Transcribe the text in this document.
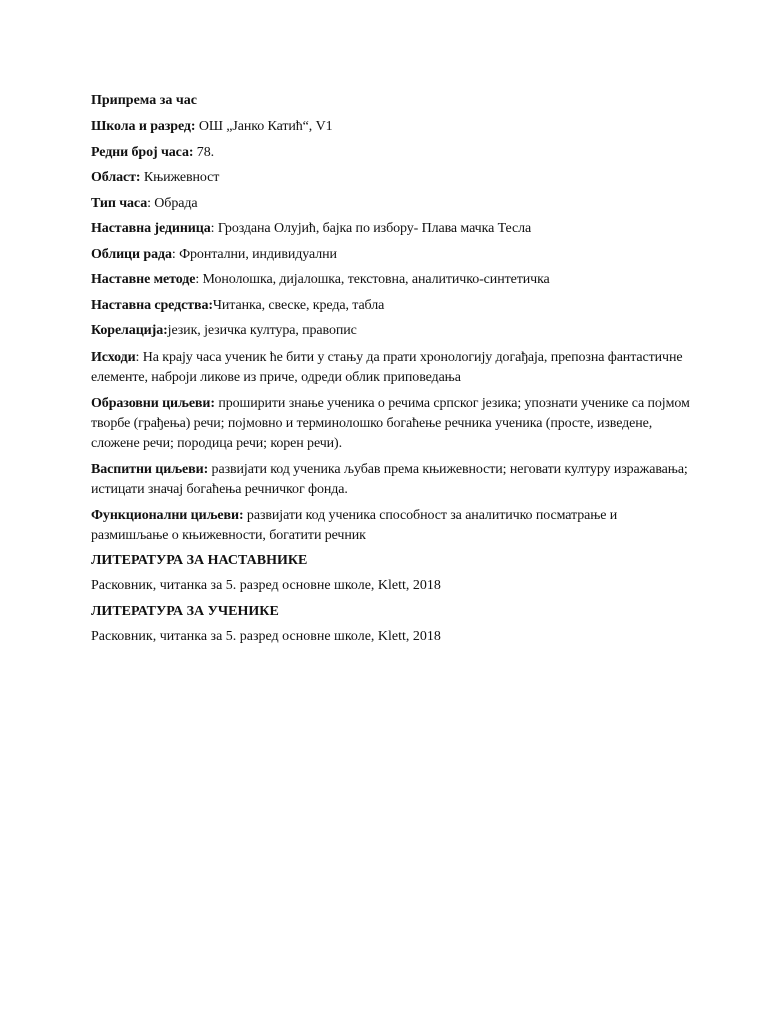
Припрема за час
Школа и разред: ОШ „Јанко Катић“, V1
Редни број часа: 78.
Област: Књижевност
Тип часа: Обрада
Наставна јединица: Гроздана Олујић, бајка по избору- Плава мачка Тесла
Облици рада: Фронтални, индивидуални
Наставне методе: Монолошка, дијалошка, текстовна, аналитичко-синтетичка
Наставна средства:Читанка, свеске, креда, табла
Корелација:језик, језичка култура, правопис
Исходи: На крају часа ученик ће бити у стању да прати хронологију догађаја, препозна фантастичне елементе, наброји ликове из приче, одреди облик приповедања
Образовни циљеви: проширити знање ученика о речима српског језика; упознати ученике са појмом творбе (грађења) речи; појмовно и терминолошко богаћење речника ученика (просте, изведене, сложене речи; породица речи; корен речи).
Васпитни циљеви: развијати код ученика љубав према књижевности; неговати културу изражавања; истицати значај богаћења речничког фонда.
Функционални циљеви: развијати код ученика способност за аналитичко посматрање и размишљање о књижевности, богатити речник
ЛИТЕРАТУРА ЗА НАСТАВНИКЕ
Расковник, читанка за 5. разред основне школе, Klett, 2018
ЛИТЕРАТУРА ЗА УЧЕНИКЕ
Расковник, читанка за 5. разред основне школе, Klett, 2018
